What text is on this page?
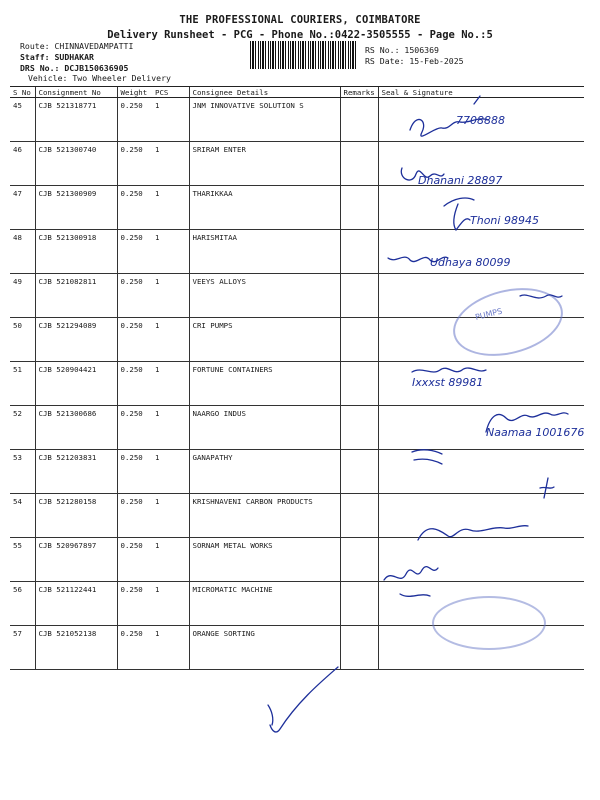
THE PROFESSIONAL COURIERS, COIMBATORE
Delivery Runsheet - PCG - Phone No.:0422-3505555 - Page No.:5
Route: CHINNAVEDAMPATTI
Staff: SUDHAKAR
DRS No.: DCJB150636905
Vehicle: Two Wheeler Delivery
RS No.: 1506369
RS Date: 15-Feb-2025
S No	Consignment No	Weight	PCS	Consignee Details	Remarks	Seal & Signature
45	CJB 521318771	0.250	1	JNM INNOVATIVE SOLUTION S		
46	CJB 521300740	0.250	1	SRIRAM ENTER		
47	CJB 521300909	0.250	1	THARIKKAA		
48	CJB 521300918	0.250	1	HARISMITAA		
49	CJB 521082811	0.250	1	VEEYS ALLOYS		
50	CJB 521294089	0.250	1	CRI PUMPS		
51	CJB 520904421	0.250	1	FORTUNE CONTAINERS		
52	CJB 521300686	0.250	1	NAARGO INDUS		
53	CJB 521203831	0.250	1	GANAPATHY		
54	CJB 521280158	0.250	1	KRISHNAVENI CARBON PRODUCTS		
55	CJB 520967897	0.250	1	SORNAM METAL WORKS		
56	CJB 521122441	0.250	1	MICROMATIC MACHINE		
57	CJB 521052138	0.250	1	ORANGE SORTING		
7708888
Dhanani 28897
Thoni 98945
Udhaya 80099
Ixxxst 89981
Naamaa 1001676
PUMPS
